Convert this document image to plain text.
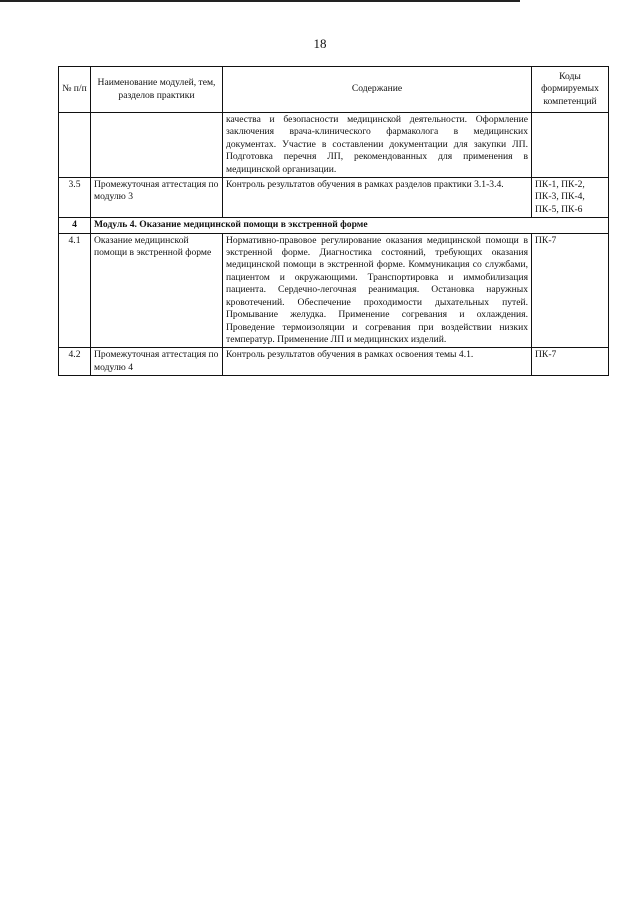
18
№ п/п	Наименование модулей, тем, разделов практики	Содержание	Коды формируемых компетенций
		качества и безопасности медицинской деятельности. Оформление заключения врача-клинического фармаколога в медицинских документах. Участие в составлении документации для закупки ЛП. Подготовка перечня ЛП, рекомендованных для применения в медицинской организации.	
3.5	Промежуточная аттестация по модулю 3	Контроль результатов обучения в рамках разделов практики 3.1-3.4.	ПК-1, ПК-2, ПК-3, ПК-4, ПК-5, ПК-6
4	Модуль 4. Оказание медицинской помощи в экстренной форме		
4.1	Оказание медицинской помощи в экстренной форме	Нормативно-правовое регулирование оказания медицинской помощи в экстренной форме. Диагностика состояний, требующих оказания медицинской помощи в экстренной форме. Коммуникация со службами, пациентом и окружающими. Транспортировка и иммобилизация пациента. Сердечно-легочная реанимация. Остановка наружных кровотечений. Обеспечение проходимости дыхательных путей. Промывание желудка. Применение согревания и охлаждения. Проведение термоизоляции и согревания при воздействии низких температур. Применение ЛП и медицинских изделий.	ПК-7
4.2	Промежуточная аттестация по модулю 4	Контроль результатов обучения в рамках освоения темы 4.1.	ПК-7
